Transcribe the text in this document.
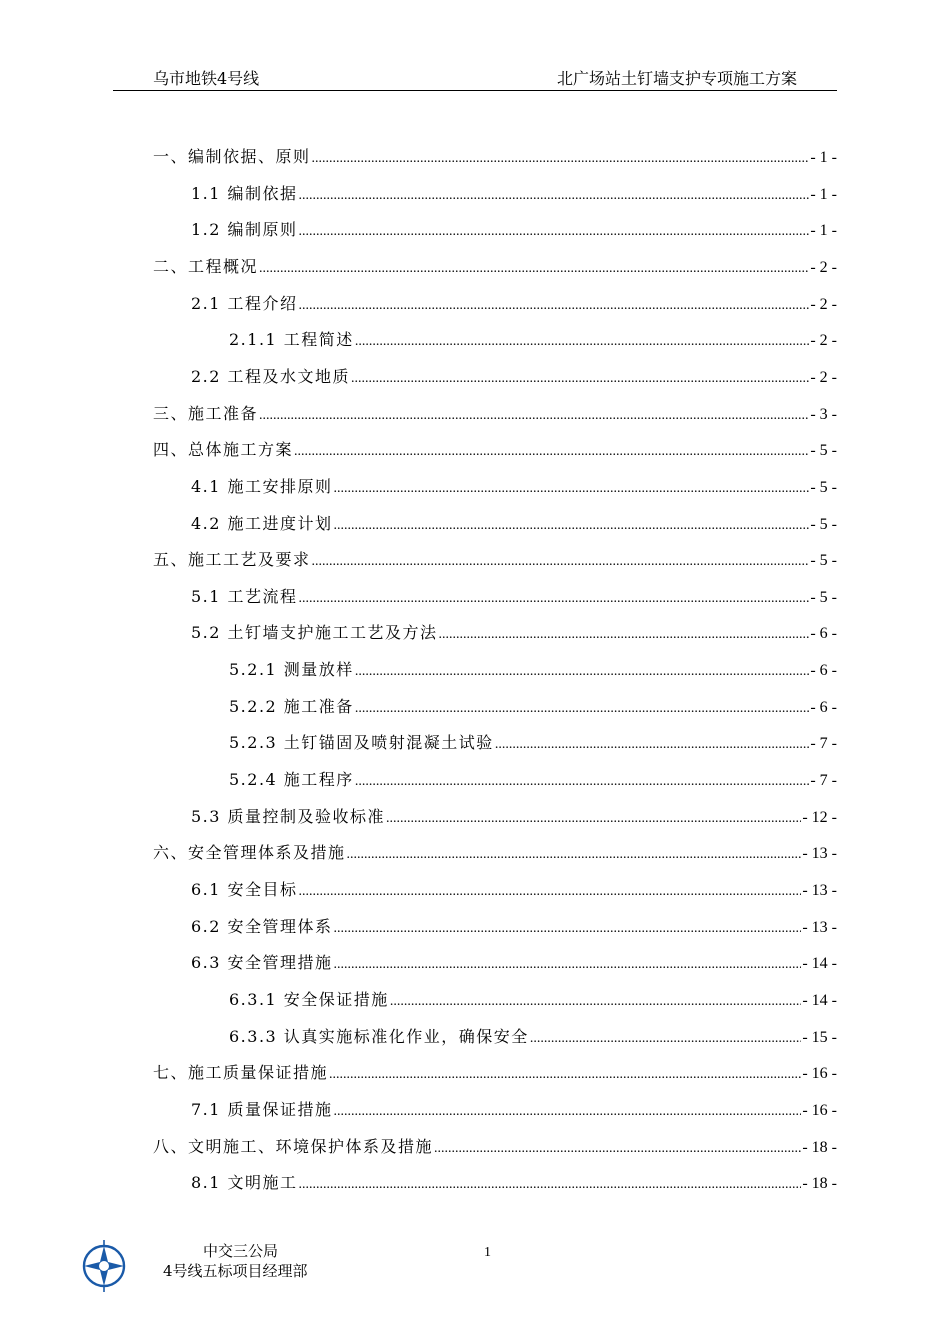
乌市地铁4号线	北广场站土钉墙支护专项施工方案
一、编制依据、原则 .....	- 1 -
1.1 编制依据 .....	- 1 -
1.2 编制原则 .....	- 1 -
二、工程概况 .....	- 2 -
2.1 工程介绍 .....	- 2 -
2.1.1 工程简述 .....	- 2 -
2.2 工程及水文地质 .....	- 2 -
三、施工准备 .....	- 3 -
四、总体施工方案 .....	- 5 -
4.1 施工安排原则 .....	- 5 -
4.2 施工进度计划 .....	- 5 -
五、施工工艺及要求 .....	- 5 -
5.1 工艺流程 .....	- 5 -
5.2 土钉墙支护施工工艺及方法 .....	- 6 -
5.2.1 测量放样 .....	- 6 -
5.2.2 施工准备 .....	- 6 -
5.2.3 土钉锚固及喷射混凝土试验 .....	- 7 -
5.2.4 施工程序 .....	- 7 -
5.3 质量控制及验收标准 .....	- 12 -
六、安全管理体系及措施 .....	- 13 -
6.1 安全目标 .....	- 13 -
6.2 安全管理体系 .....	- 13 -
6.3 安全管理措施 .....	- 14 -
6.3.1 安全保证措施 .....	- 14 -
6.3.3 认真实施标准化作业，确保安全 .....	- 15 -
七、施工质量保证措施 .....	- 16 -
7.1 质量保证措施 .....	- 16 -
八、文明施工、环境保护体系及措施 .....	- 18 -
8.1 文明施工 .....	- 18 -
中交三公局
4号线五标项目经理部
1
